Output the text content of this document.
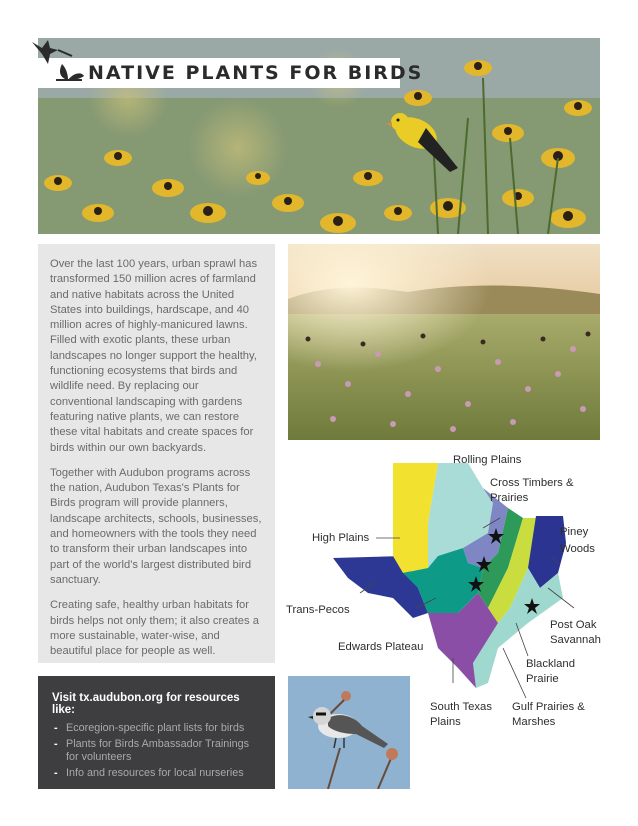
NATIVE PLANTS FOR BIRDS

Over the last 100 years, urban sprawl has transformed 150 million acres of farmland and native habitats across the United States into buildings, hardscape, and 40 million acres of highly-manicured lawns. Filled with exotic plants, these urban landscapes no longer support the healthy, functioning ecosystems that birds and wildlife need. By replacing our conventional landscaping with gardens featuring native plants, we can restore these vital habitats and create spaces for birds within our own backyards.

Together with Audubon programs across the nation, Audubon Texas's Plants for Birds program will provide planners, landscape architects, schools, businesses, and homeowners with the tools they need to transform their urban landscapes into part of the world's largest distributed bird sanctuary.

Creating safe, healthy urban habitats for birds helps not only them; it also creates a more sustainable, water-wise, and beautiful place for people as well.

Visit tx.audubon.org for resources like:
- Ecoregion-specific plant lists for birds
- Plants for Birds Ambassador Trainings for volunteers
- Info and resources for local nurseries
Rolling Plains
Cross Timbers & Prairies
Piney Woods
High Plains
Trans-Pecos
Edwards Plateau
Post Oak Savannah
Blackland Prairie
South Texas Plains
Gulf Prairies & Marshes
